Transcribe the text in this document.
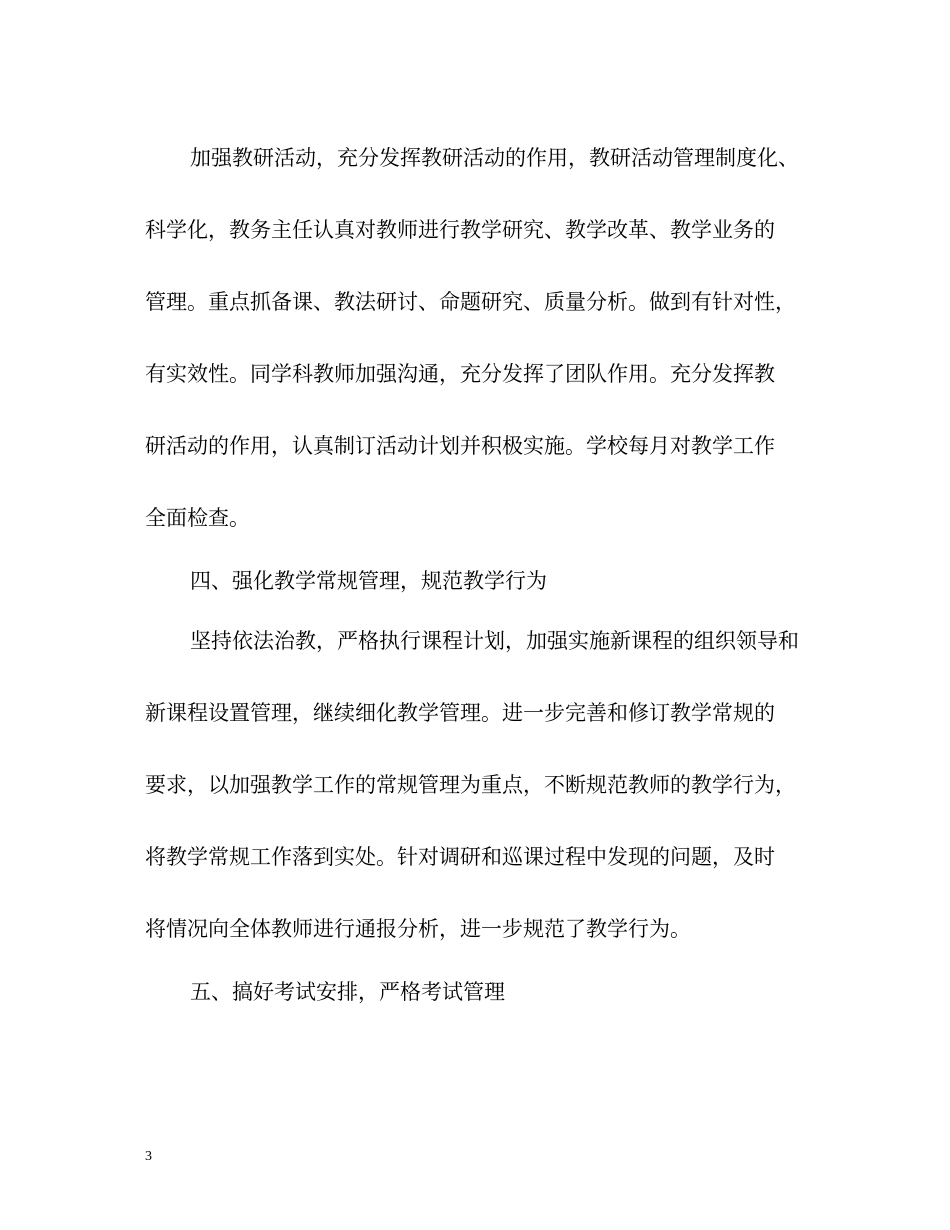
加强教研活动，充分发挥教研活动的作用，教研活动管理制度化、
科学化，教务主任认真对教师进行教学研究、教学改革、教学业务的
管理。重点抓备课、教法研讨、命题研究、质量分析。做到有针对性，
有实效性。同学科教师加强沟通，充分发挥了团队作用。充分发挥教
研活动的作用，认真制订活动计划并积极实施。学校每月对教学工作
全面检查。
四、强化教学常规管理，规范教学行为
坚持依法治教，严格执行课程计划，加强实施新课程的组织领导和
新课程设置管理，继续细化教学管理。进一步完善和修订教学常规的
要求，以加强教学工作的常规管理为重点，不断规范教师的教学行为，
将教学常规工作落到实处。针对调研和巡课过程中发现的问题，及时
将情况向全体教师进行通报分析，进一步规范了教学行为。
五、搞好考试安排，严格考试管理
3
